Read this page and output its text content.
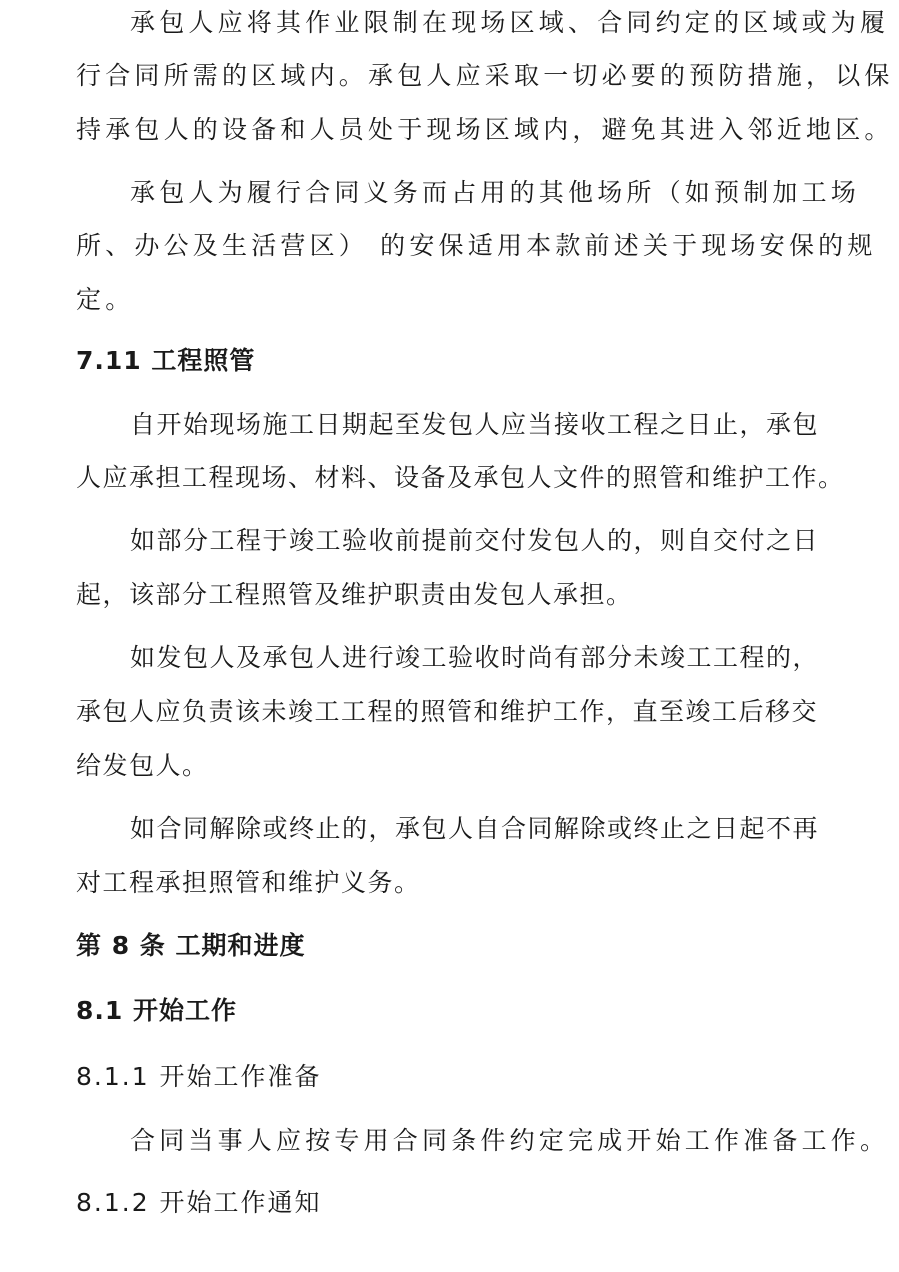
承包人应将其作业限制在现场区域、合同约定的区域或为履
行合同所需的区域内。承包人应采取一切必要的预防措施，以保
持承包人的设备和人员处于现场区域内，避免其进入邻近地区。
承包人为履行合同义务而占用的其他场所（如预制加工场
所、办公及生活营区） 的安保适用本款前述关于现场安保的规
定。
7.11 工程照管
自开始现场施工日期起至发包人应当接收工程之日止，承包
人应承担工程现场、材料、设备及承包人文件的照管和维护工作。
如部分工程于竣工验收前提前交付发包人的，则自交付之日
起，该部分工程照管及维护职责由发包人承担。
如发包人及承包人进行竣工验收时尚有部分未竣工工程的，
承包人应负责该未竣工工程的照管和维护工作，直至竣工后移交
给发包人。
如合同解除或终止的，承包人自合同解除或终止之日起不再
对工程承担照管和维护义务。
第 8 条 工期和进度
8.1 开始工作
8.1.1 开始工作准备
合同当事人应按专用合同条件约定完成开始工作准备工作。
8.1.2 开始工作通知
